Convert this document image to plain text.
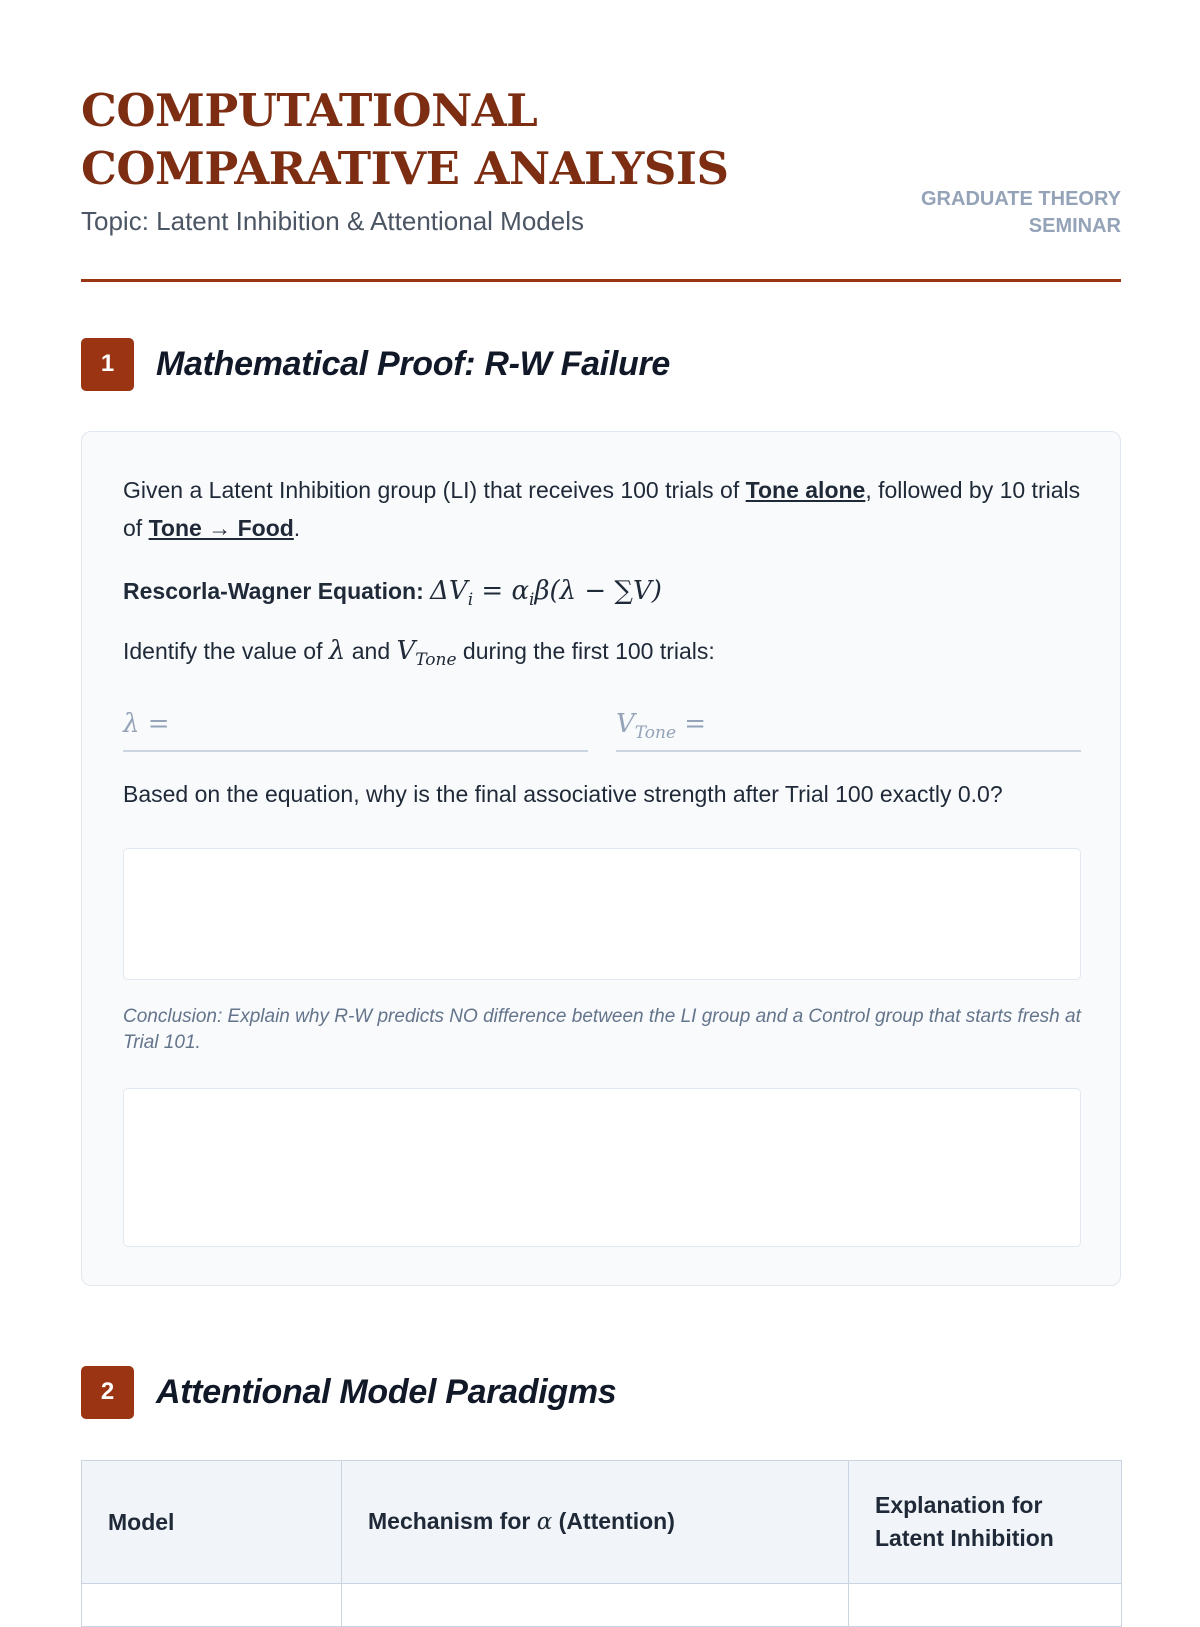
COMPUTATIONAL COMPARATIVE ANALYSIS
Topic: Latent Inhibition & Attentional Models
GRADUATE THEORY
SEMINAR
1	Mathematical Proof: R-W Failure
Given a Latent Inhibition group (LI) that receives 100 trials of Tone alone, followed by 10 trials of Tone → Food.
Rescorla-Wagner Equation: $\Delta V_i = \alpha_i\beta(\lambda - \sum V)$
Identify the value of λ and $V_{Tone}$ during the first 100 trials:
λ =	$V_{Tone}$ =
Based on the equation, why is the final associative strength after Trial 100 exactly 0.0?
Conclusion: Explain why R-W predicts NO difference between the LI group and a Control group that starts fresh at Trial 101.
2	Attentional Model Paradigms
Model	Mechanism for α (Attention)	Explanation for Latent Inhibition
